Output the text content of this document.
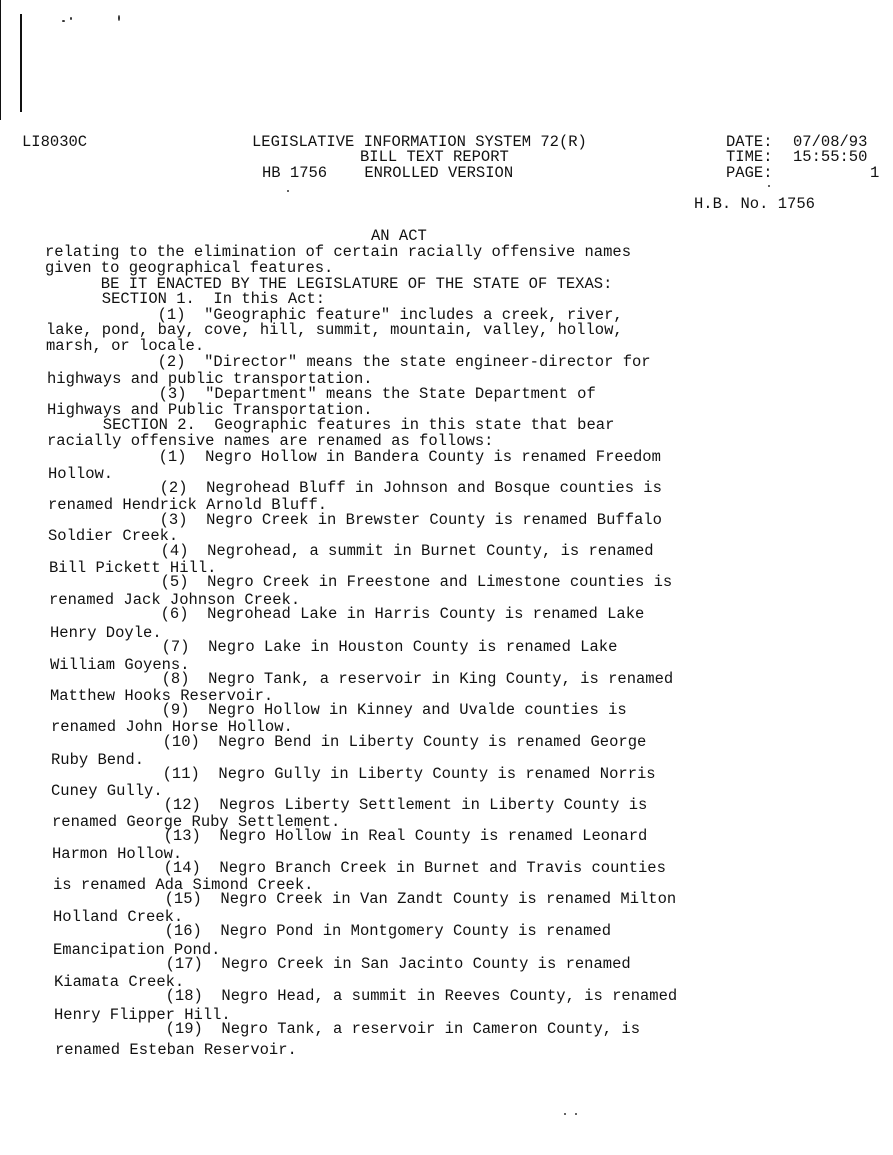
LI8030C	LEGISLATIVE INFORMATION SYSTEM 72(R)
BILL TEXT REPORT
HB 1756    ENROLLED VERSION
DATE: 07/08/93
TIME: 15:55:50
PAGE:	1
H.B. No. 1756
AN ACT
relating to the elimination of certain racially offensive names
given to geographical features.
BE IT ENACTED BY THE LEGISLATURE OF THE STATE OF TEXAS:
SECTION 1.  In this Act:
(1)  "Geographic feature" includes a creek, river,
lake, pond, bay, cove, hill, summit, mountain, valley, hollow,
marsh, or locale.
(2)  "Director" means the state engineer-director for
highways and public transportation.
(3)  "Department" means the State Department of
Highways and Public Transportation.
SECTION 2.  Geographic features in this state that bear
racially offensive names are renamed as follows:
(1)  Negro Hollow in Bandera County is renamed Freedom
Hollow.
(2)  Negrohead Bluff in Johnson and Bosque counties is
renamed Hendrick Arnold Bluff.
(3)  Negro Creek in Brewster County is renamed Buffalo
Soldier Creek.
(4)  Negrohead, a summit in Burnet County, is renamed
Bill Pickett Hill.
(5)  Negro Creek in Freestone and Limestone counties is
renamed Jack Johnson Creek.
(6)  Negrohead Lake in Harris County is renamed Lake
Henry Doyle.
(7)  Negro Lake in Houston County is renamed Lake
William Goyens.
(8)  Negro Tank, a reservoir in King County, is renamed
Matthew Hooks Reservoir.
(9)  Negro Hollow in Kinney and Uvalde counties is
renamed John Horse Hollow.
(10)  Negro Bend in Liberty County is renamed George
Ruby Bend.
(11)  Negro Gully in Liberty County is renamed Norris
Cuney Gully.
(12)  Negros Liberty Settlement in Liberty County is
renamed George Ruby Settlement.
(13)  Negro Hollow in Real County is renamed Leonard
Harmon Hollow.
(14)  Negro Branch Creek in Burnet and Travis counties
is renamed Ada Simond Creek.
(15)  Negro Creek in Van Zandt County is renamed Milton
Holland Creek.
(16)  Negro Pond in Montgomery County is renamed
Emancipation Pond.
(17)  Negro Creek in San Jacinto County is renamed
Kiamata Creek.
(18)  Negro Head, a summit in Reeves County, is renamed
Henry Flipper Hill.
(19)  Negro Tank, a reservoir in Cameron County, is
renamed Esteban Reservoir.
